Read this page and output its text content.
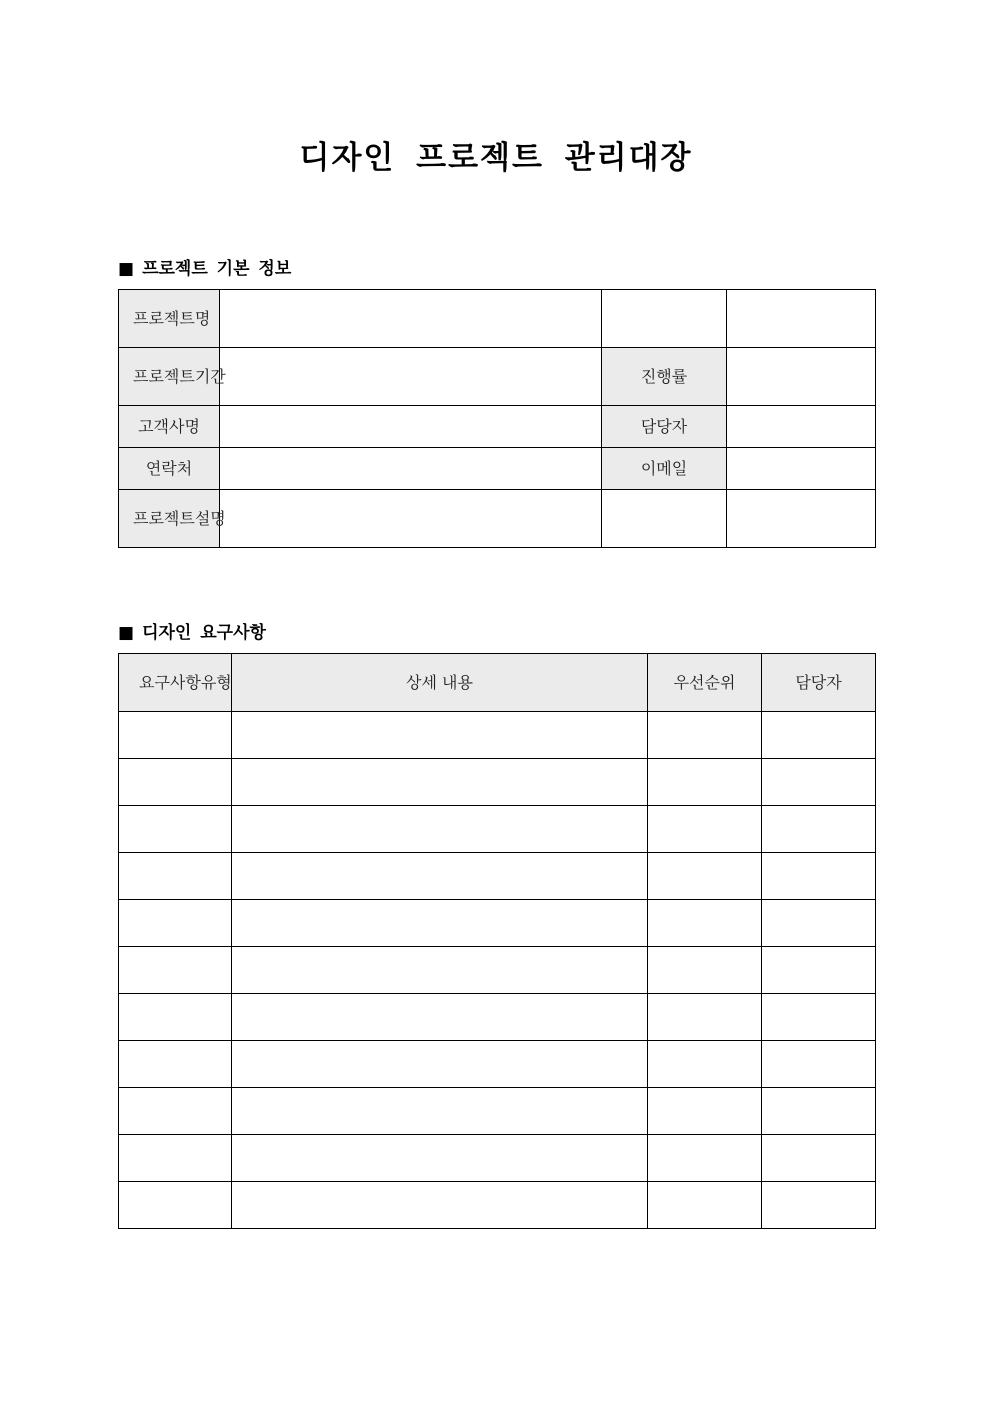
디자인 프로젝트 관리대장
■ 프로젝트 기본 정보
프로젝트명			
프로젝트기간		진행률	
고객사명		담당자	
연락처		이메일	
프로젝트설명			
■ 디자인 요구사항
요구사항유형	상세 내용	우선순위	담당자
